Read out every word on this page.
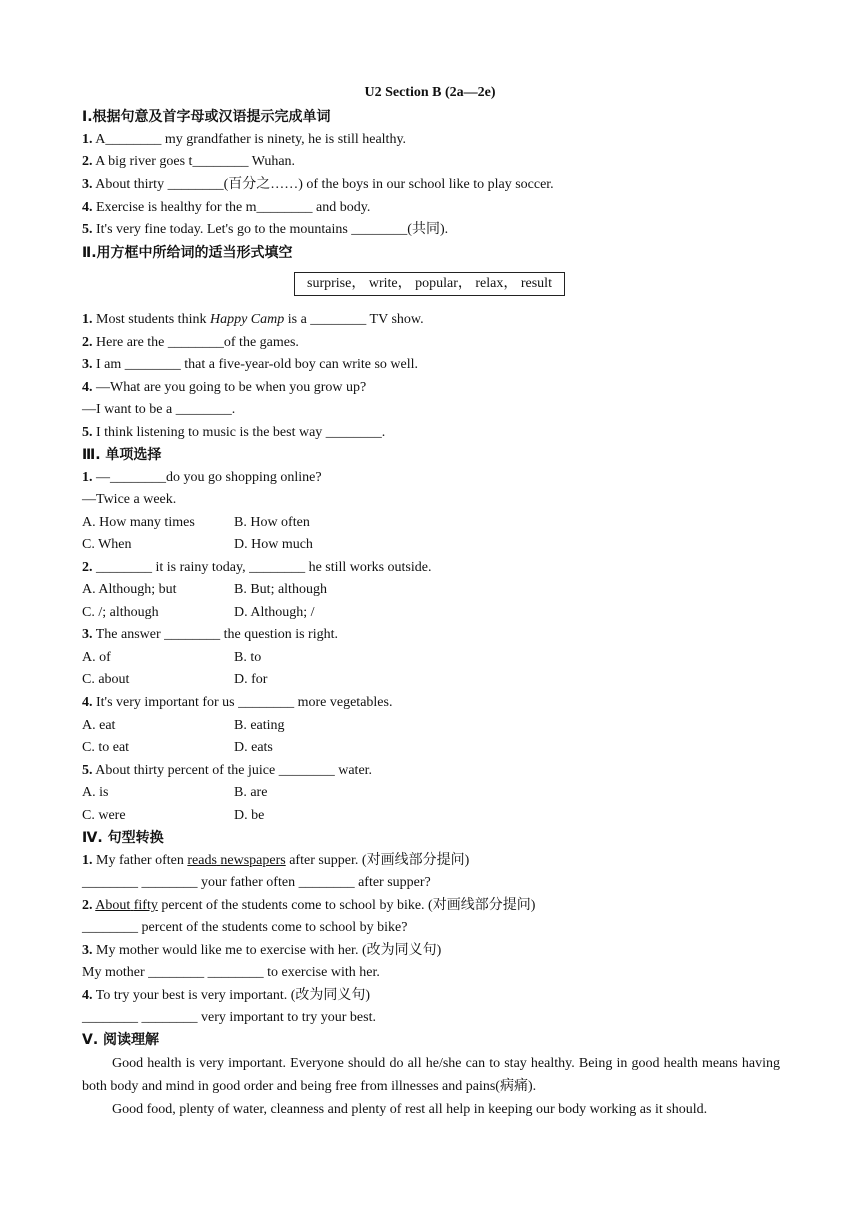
U2 Section B (2a—2e)
Ⅰ.根据句意及首字母或汉语提示完成单词
1. A________ my grandfather is ninety, he is still healthy.
2. A big river goes t________ Wuhan.
3. About thirty ________(百分之……) of the boys in our school like to play soccer.
4. Exercise is healthy for the m________ and body.
5. It's very fine today. Let's go to the mountains ________(共同).
Ⅱ.用方框中所给词的适当形式填空
surprise， write， popular， relax， result
1. Most students think Happy Camp is a ________ TV show.
2. Here are the ________of the games.
3. I am ________ that a five-year-old boy can write so well.
4. —What are you going to be when you grow up?
—I want to be a ________.
5. I think listening to music is the best way ________.
Ⅲ. 单项选择
1. —________do you go shopping online?
—Twice a week.
A. How many times	B. How often
C. When	D. How much
2. ________ it is rainy today, ________ he still works outside.
A. Although; but	B. But; although
C. /; although	D. Although; /
3. The answer ________ the question is right.
A. of	B. to
C. about	D. for
4. It's very important for us ________ more vegetables.
A. eat	B. eating
C. to eat	D. eats
5. About thirty percent of the juice ________ water.
A. is	B. are
C. were	D. be
Ⅳ. 句型转换
1. My father often reads newspapers after supper. (对画线部分提问)
________ ________ your father often ________ after supper?
2. About fifty percent of the students come to school by bike. (对画线部分提问)
________ percent of the students come to school by bike?
3. My mother would like me to exercise with her. (改为同义句)
My mother ________ ________ to exercise with her.
4. To try your best is very important. (改为同义句)
________ ________ very important to try your best.
Ⅴ. 阅读理解
Good health is very important. Everyone should do all he/she can to stay healthy. Being in good health means having both body and mind in good order and being free from illnesses and pains(病痛).
Good food, plenty of water, cleanness and plenty of rest all help in keeping our body working as it should.
